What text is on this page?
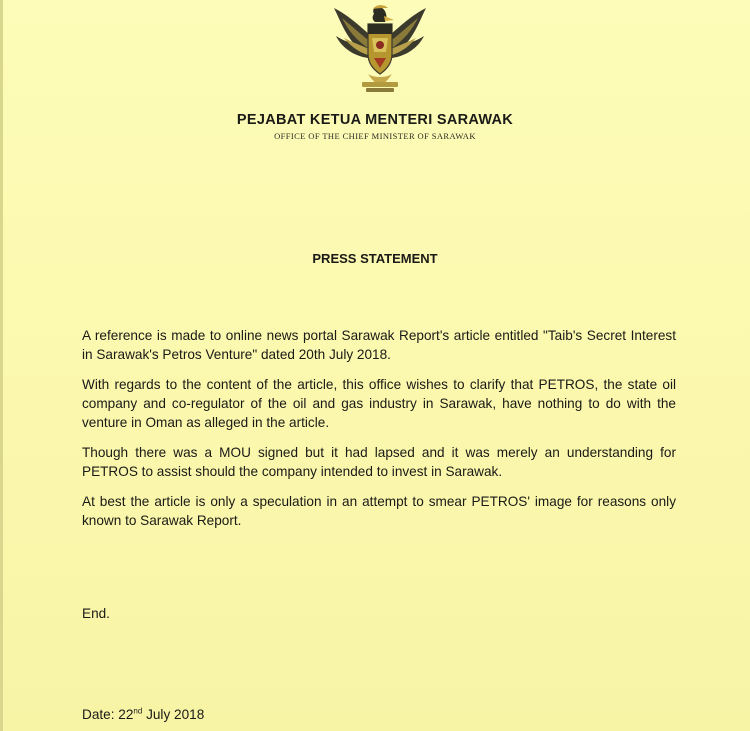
PEJABAT KETUA MENTERI SARAWAK
OFFICE OF THE CHIEF MINISTER OF SARAWAK
PRESS STATEMENT

A reference is made to online news portal Sarawak Report's article entitled "Taib's Secret Interest in Sarawak's Petros Venture" dated 20th July 2018.

With regards to the content of the article, this office wishes to clarify that PETROS, the state oil company and co-regulator of the oil and gas industry in Sarawak, have nothing to do with the venture in Oman as alleged in the article.

Though there was a MOU signed but it had lapsed and it was merely an understanding for PETROS to assist should the company intended to invest in Sarawak.

At best the article is only a speculation in an attempt to smear PETROS' image for reasons only known to Sarawak Report.

End.
Date: 22nd July 2018
